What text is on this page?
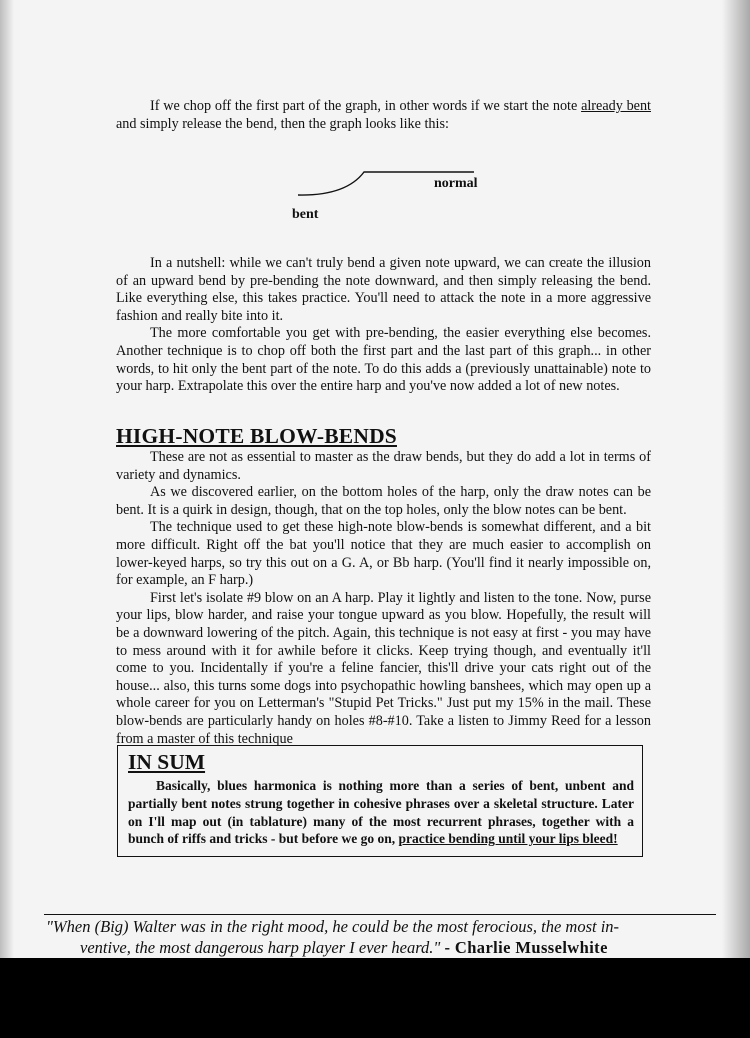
If we chop off the first part of the graph, in other words if we start the note already bent and simply release the bend, then the graph looks like this:

normal
bent

In a nutshell: while we can't truly bend a given note upward, we can create the illusion of an upward bend by pre-bending the note downward, and then simply releasing the bend. Like everything else, this takes practice. You'll need to attack the note in a more aggressive fashion and really bite into it.

The more comfortable you get with pre-bending, the easier everything else becomes. Another technique is to chop off both the first part and the last part of this graph... in other words, to hit only the bent part of the note. To do this adds a (previously unattainable) note to your harp. Extrapolate this over the entire harp and you've now added a lot of new notes.

HIGH-NOTE BLOW-BENDS

These are not as essential to master as the draw bends, but they do add a lot in terms of variety and dynamics.

As we discovered earlier, on the bottom holes of the harp, only the draw notes can be bent. It is a quirk in design, though, that on the top holes, only the blow notes can be bent.

The technique used to get these high-note blow-bends is somewhat different, and a bit more difficult. Right off the bat you'll notice that they are much easier to accomplish on lower-keyed harps, so try this out on a G. A, or Bb harp. (You'll find it nearly impossible on, for example, an F harp.)

First let's isolate #9 blow on an A harp. Play it lightly and listen to the tone. Now, purse your lips, blow harder, and raise your tongue upward as you blow. Hopefully, the result will be a downward lowering of the pitch. Again, this technique is not easy at first - you may have to mess around with it for awhile before it clicks. Keep trying though, and eventually it'll come to you. Incidentally if you're a feline fancier, this'll drive your cats right out of the house... also, this turns some dogs into psychopathic howling banshees, which may open up a whole career for you on Letterman's "Stupid Pet Tricks." Just put my 15% in the mail. These blow-bends are particularly handy on holes #8-#10. Take a listen to Jimmy Reed for a lesson from a master of this technique

IN SUM

Basically, blues harmonica is nothing more than a series of bent, unbent and partially bent notes strung together in cohesive phrases over a skeletal structure. Later on I'll map out (in tablature) many of the most recurrent phrases, together with a bunch of riffs and tricks - but before we go on, practice bending until your lips bleed!

"When (Big) Walter was in the right mood, he could be the most ferocious, the most in-

ventive, the most dangerous harp player I ever heard." - Charlie Musselwhite
